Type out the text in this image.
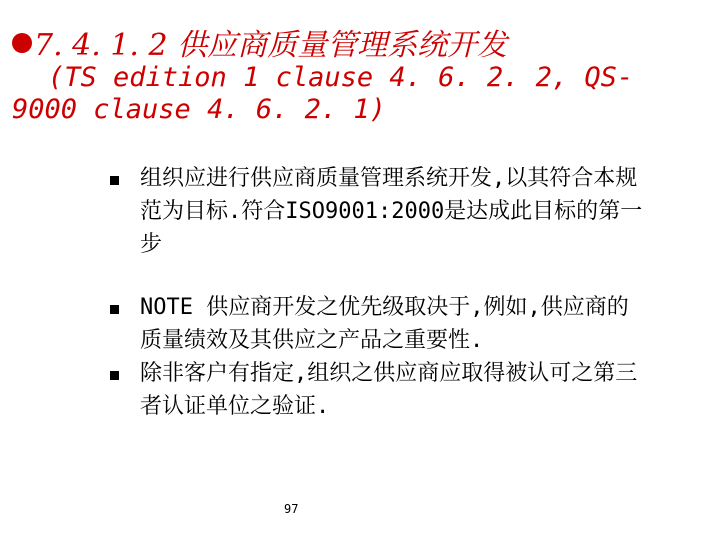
7. 4. 1. 2 供应商质量管理系统开发
(TS edition 1 clause 4. 6. 2. 2, QS-
9000 clause 4. 6. 2. 1)
组织应进行供应商质量管理系统开发,以其符合本规范为目标.符合ISO9001:2000是达成此目标的第一步
NOTE 供应商开发之优先级取决于,例如,供应商的质量绩效及其供应之产品之重要性.
除非客户有指定,组织之供应商应取得被认可之第三者认证单位之验证.
97
